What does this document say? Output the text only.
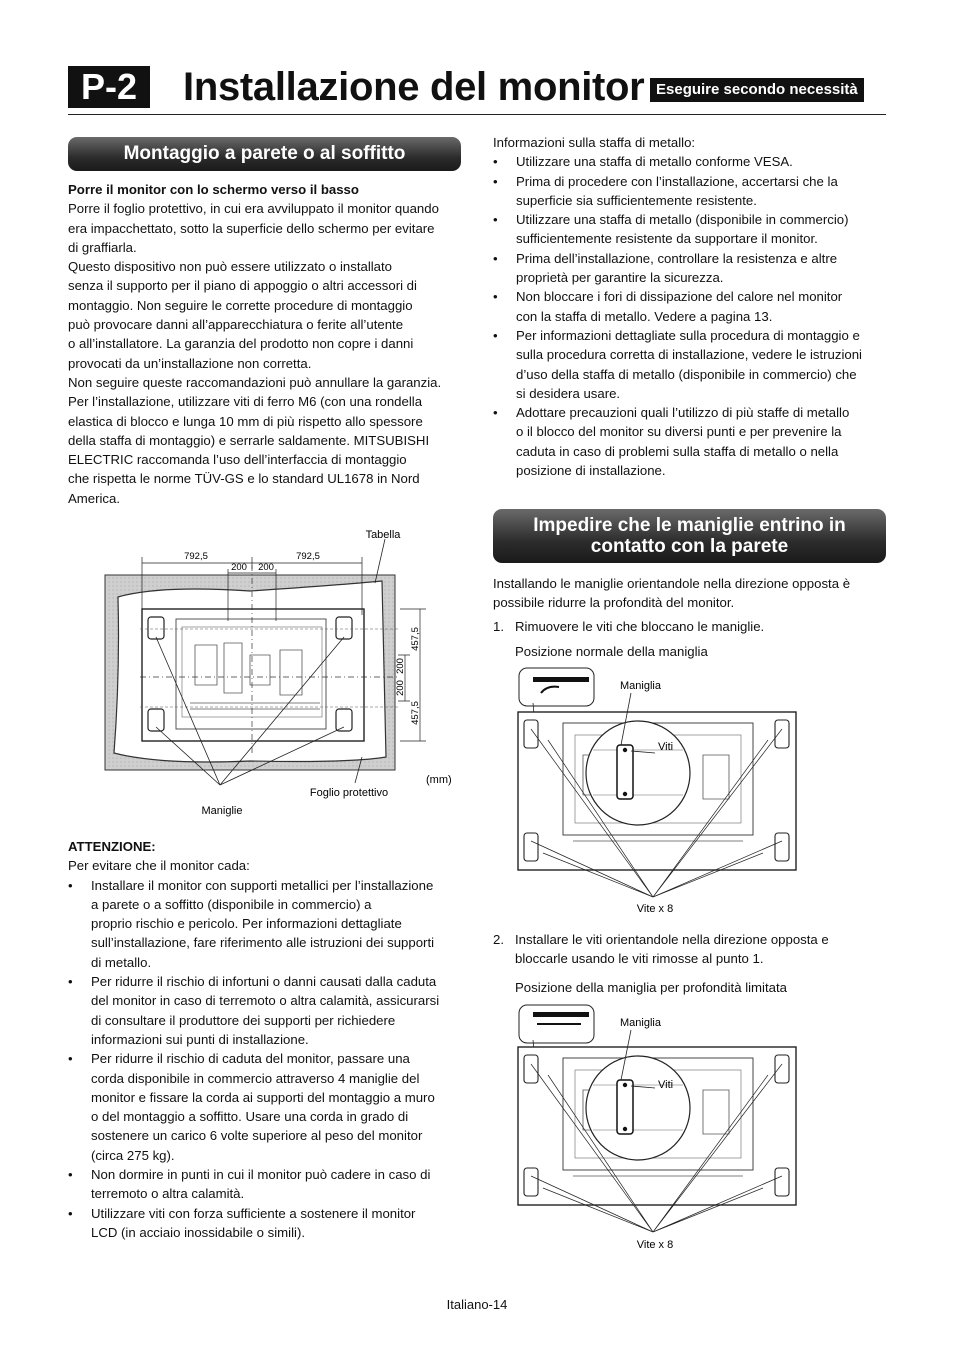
P-2	Installazione del monitor Eseguire secondo necessità
Montaggio a parete o al soffitto

Porre il monitor con lo schermo verso il basso

Porre il foglio protettivo, in cui era avviluppato il monitor quando

era impacchettato, sotto la superficie dello schermo per evitare

di graffiarla.

Questo dispositivo non può essere utilizzato o installato

senza il supporto per il piano di appoggio o altri accessori di

montaggio. Non seguire le corrette procedure di montaggio

può provocare danni all’apparecchiatura o ferite all’utente

o all’installatore. La garanzia del prodotto non copre i danni

provocati da un’installazione non corretta.

Non seguire queste raccomandazioni può annullare la garanzia.

Per l’installazione, utilizzare viti di ferro M6 (con una rondella

elastica di blocco e lunga 10 mm di più rispetto allo spessore

della staffa di montaggio) e serrarle saldamente. MITSUBISHI

ELECTRIC raccomanda l’uso dell’interfaccia di montaggio

che rispetta le norme TÜV-GS e lo standard UL1678 in Nord

America.

792,5	792,5
200 200
457,5
200
200
457,5
Tabella
(mm)
Foglio protettivo
Maniglie

ATTENZIONE:

Per evitare che il monitor cada:

• Installare il monitor con supporti metallici per l’installazione
a parete o a soffitto (disponibile in commercio) a
proprio rischio e pericolo. Per informazioni dettagliate
sull’installazione, fare riferimento alle istruzioni dei supporti
di metallo.
• Per ridurre il rischio di infortuni o danni causati dalla caduta
del monitor in caso di terremoto o altra calamità, assicurarsi
di consultare il produttore dei supporti per richiedere
informazioni sui punti di installazione.
• Per ridurre il rischio di caduta del monitor, passare una
corda disponibile in commercio attraverso 4 maniglie del
monitor e fissare la corda ai supporti del montaggio a muro
o del montaggio a soffitto. Usare una corda in grado di
sostenere un carico 6 volte superiore al peso del monitor
(circa 275 kg).
• Non dormire in punti in cui il monitor può cadere in caso di
terremoto o altra calamità.
• Utilizzare viti con forza sufficiente a sostenere il monitor
LCD (in acciaio inossidabile o simili).

Informazioni sulla staffa di metallo:

• Utilizzare una staffa di metallo conforme VESA.
• Prima di procedere con l’installazione, accertarsi che la
superficie sia sufficientemente resistente.
• Utilizzare una staffa di metallo (disponibile in commercio)
sufficientemente resistente da supportare il monitor.
• Prima dell’installazione, controllare la resistenza e altre
proprietà per garantire la sicurezza.
• Non bloccare i fori di dissipazione del calore nel monitor
con la staffa di metallo. Vedere a pagina 13.
• Per informazioni dettagliate sulla procedura di montaggio e
sulla procedura corretta di installazione, vedere le istruzioni
d’uso della staffa di metallo (disponibile in commercio) che
si desidera usare.
• Adottare precauzioni quali l’utilizzo di più staffe di metallo
o il blocco del monitor su diversi punti e per prevenire la
caduta in caso di problemi sulla staffa di metallo o nella
posizione di installazione.
Impedire che le maniglie entrino in
contatto con la parete

Installando le maniglie orientandole nella direzione opposta è

possibile ridurre la profondità del monitor.

1. Rimuovere le viti che bloccano le maniglie.
Posizione normale della maniglia
Maniglia
Viti
Vite x 8
2. Installare le viti orientandole nella direzione opposta e
bloccarle usando le viti rimosse al punto 1.
Posizione della maniglia per profondità limitata
Maniglia
Viti
Vite x 8
Italiano-14
